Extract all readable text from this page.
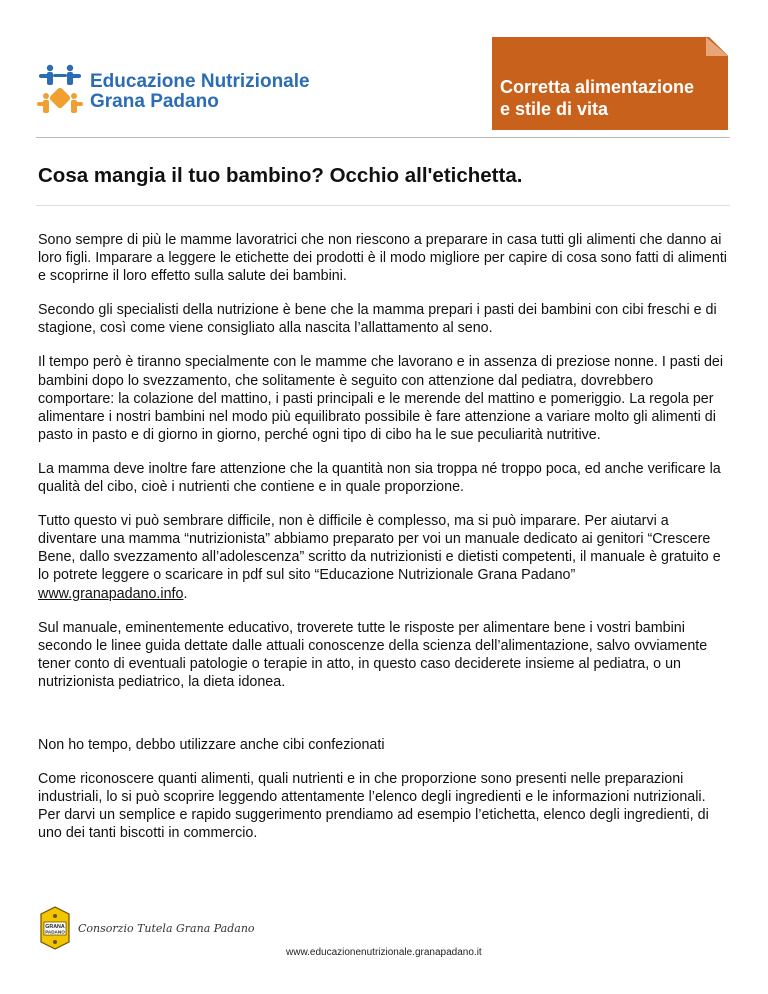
Educazione Nutrizionale
Grana Padano
Corretta alimentazione
e stile di vita
Cosa mangia il tuo bambino? Occhio all'etichetta.

Sono sempre di più le mamme lavoratrici che non riescono a preparare in casa tutti gli alimenti che danno ai loro figli. Imparare a leggere le etichette dei prodotti è il modo migliore per capire di cosa sono fatti di alimenti e scoprirne il loro effetto sulla salute dei bambini.

Secondo gli specialisti della nutrizione è bene che la mamma prepari i pasti dei bambini con cibi freschi e di stagione, così come viene consigliato alla nascita l’allattamento al seno.

Il tempo però è tiranno specialmente con le mamme che lavorano e in assenza di preziose nonne. I pasti dei bambini dopo lo svezzamento, che solitamente è seguito con attenzione dal pediatra, dovrebbero comportare: la colazione del mattino, i pasti principali e le merende del mattino e pomeriggio. La regola per alimentare i nostri bambini nel modo più equilibrato possibile è fare attenzione a variare molto gli alimenti di pasto in pasto e di giorno in giorno, perché ogni tipo di cibo ha le sue peculiarità nutritive.

La mamma deve inoltre fare attenzione che la quantità non sia troppa né troppo poca, ed anche verificare la qualità del cibo, cioè i nutrienti che contiene e in quale proporzione.

Tutto questo vi può sembrare difficile, non è difficile è complesso, ma si può imparare. Per aiutarvi a diventare una mamma “nutrizionista” abbiamo preparato per voi un manuale dedicato ai genitori “Crescere Bene, dallo svezzamento all’adolescenza” scritto da nutrizionisti e dietisti competenti, il manuale è gratuito e lo potrete leggere o scaricare in pdf sul sito “Educazione Nutrizionale Grana Padano” www.granapadano.info.

Sul manuale, eminentemente educativo, troverete tutte le risposte per alimentare bene i vostri bambini secondo le linee guida dettate dalle attuali conoscenze della scienza dell’alimentazione, salvo ovviamente tener conto di eventuali patologie o terapie in atto, in questo caso deciderete insieme al pediatra, o un nutrizionista pediatrico, la dieta idonea.

Non ho tempo, debbo utilizzare anche cibi confezionati

Come riconoscere quanti alimenti, quali nutrienti e in che proporzione sono presenti nelle preparazioni industriali, lo si può scoprire leggendo attentamente l’elenco degli ingredienti e le informazioni nutrizionali. Per darvi un semplice e rapido suggerimento prendiamo ad esempio l’etichetta, elenco degli ingredienti, di uno dei tanti biscotti in commercio.

GRANA
PADANO Consorzio Tutela Grana Padano
www.educazionenutrizionale.granapadano.it
